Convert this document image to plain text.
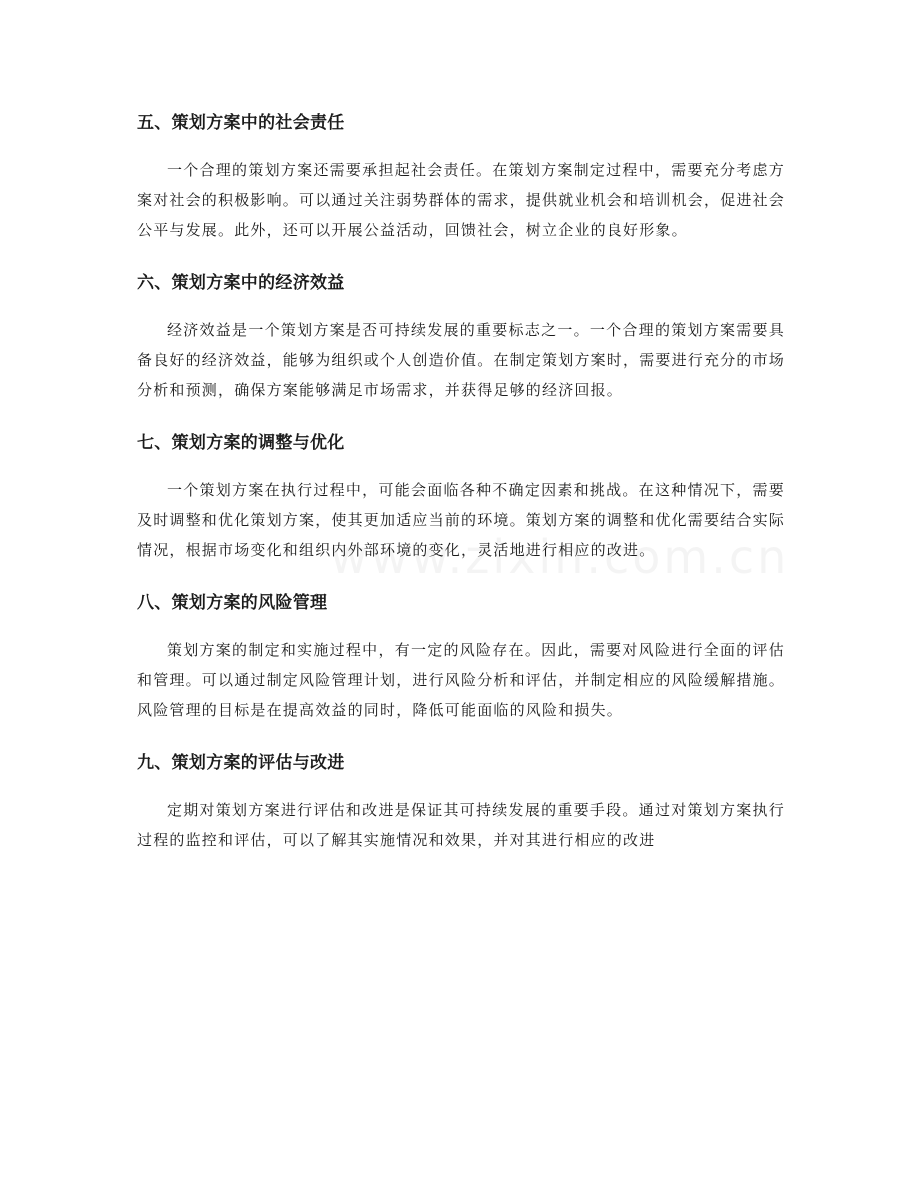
五、策划方案中的社会责任

一个合理的策划方案还需要承担起社会责任。在策划方案制定过程中，需要充分考虑方案对社会的积极影响。可以通过关注弱势群体的需求，提供就业机会和培训机会，促进社会公平与发展。此外，还可以开展公益活动，回馈社会，树立企业的良好形象。

六、策划方案中的经济效益

经济效益是一个策划方案是否可持续发展的重要标志之一。一个合理的策划方案需要具备良好的经济效益，能够为组织或个人创造价值。在制定策划方案时，需要进行充分的市场分析和预测，确保方案能够满足市场需求，并获得足够的经济回报。

七、策划方案的调整与优化

一个策划方案在执行过程中，可能会面临各种不确定因素和挑战。在这种情况下，需要及时调整和优化策划方案，使其更加适应当前的环境。策划方案的调整和优化需要结合实际情况，根据市场变化和组织内外部环境的变化，灵活地进行相应的改进。

八、策划方案的风险管理

策划方案的制定和实施过程中，有一定的风险存在。因此，需要对风险进行全面的评估和管理。可以通过制定风险管理计划，进行风险分析和评估，并制定相应的风险缓解措施。风险管理的目标是在提高效益的同时，降低可能面临的风险和损失。

九、策划方案的评估与改进

定期对策划方案进行评估和改进是保证其可持续发展的重要手段。通过对策划方案执行过程的监控和评估，可以了解其实施情况和效果，并对其进行相应的改进
